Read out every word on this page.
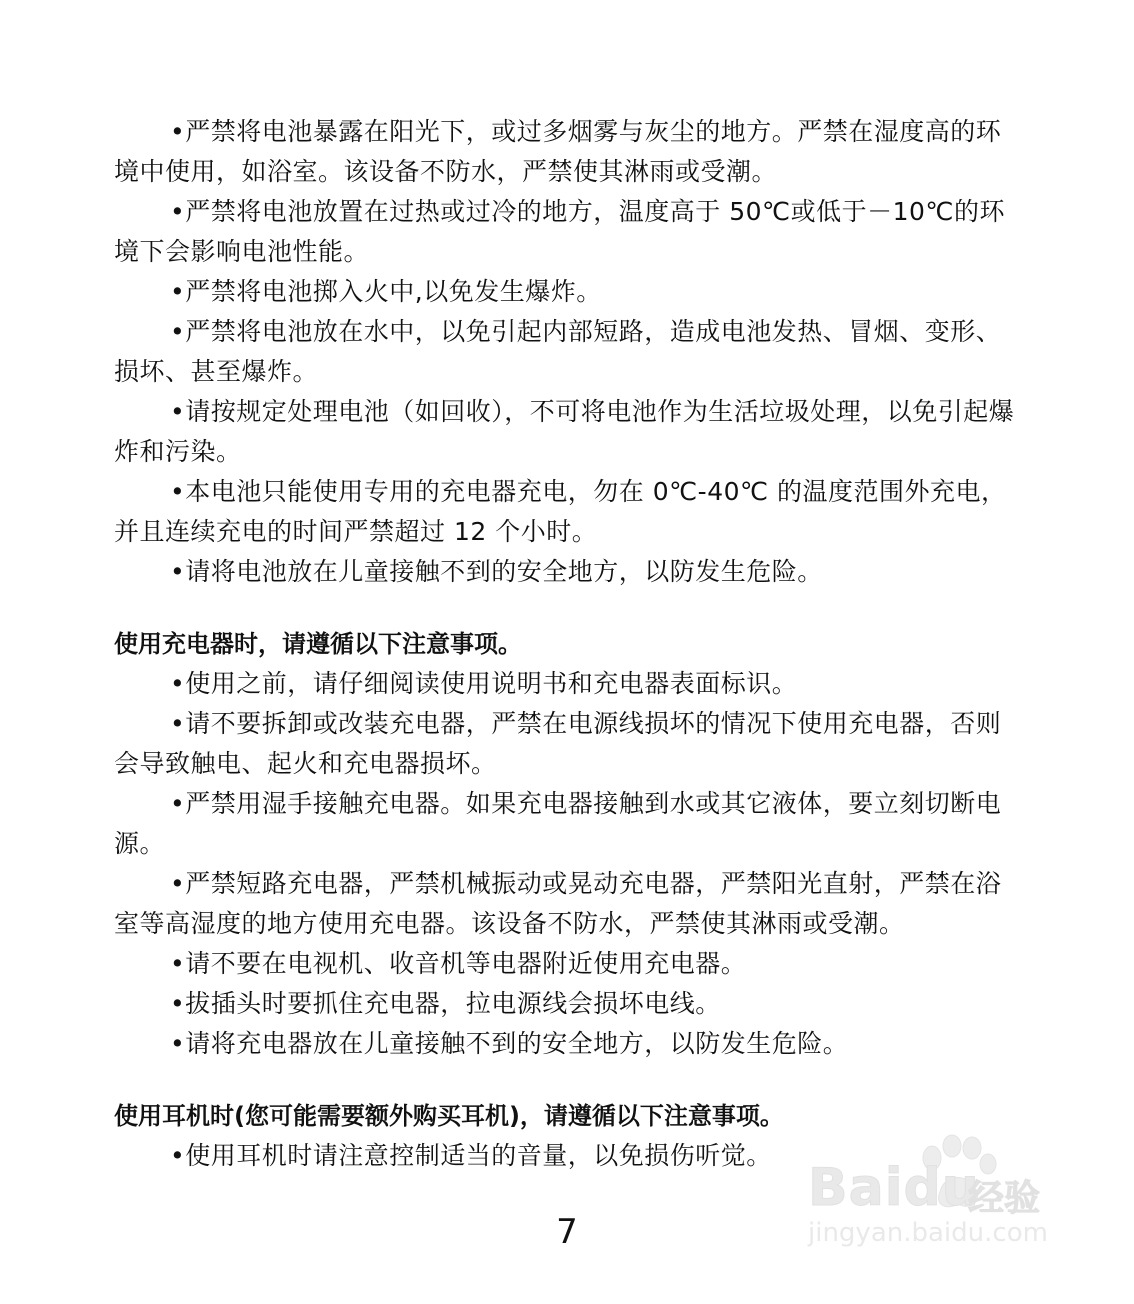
•严禁将电池暴露在阳光下，或过多烟雾与灰尘的地方。严禁在湿度高的环境中使用，如浴室。该设备不防水，严禁使其淋雨或受潮。

•严禁将电池放置在过热或过冷的地方，温度高于 50℃或低于－10℃的环境下会影响电池性能。

•严禁将电池掷入火中,以免发生爆炸。

•严禁将电池放在水中，以免引起内部短路，造成电池发热、冒烟、变形、损坏、甚至爆炸。

•请按规定处理电池（如回收），不可将电池作为生活垃圾处理，以免引起爆炸和污染。

•本电池只能使用专用的充电器充电，勿在 0℃-40℃ 的温度范围外充电，并且连续充电的时间严禁超过 12 个小时。

•请将电池放在儿童接触不到的安全地方，以防发生危险。

使用充电器时，请遵循以下注意事项。

•使用之前，请仔细阅读使用说明书和充电器表面标识。

•请不要拆卸或改装充电器，严禁在电源线损坏的情况下使用充电器，否则会导致触电、起火和充电器损坏。

•严禁用湿手接触充电器。如果充电器接触到水或其它液体，要立刻切断电源。

•严禁短路充电器，严禁机械振动或晃动充电器，严禁阳光直射，严禁在浴室等高湿度的地方使用充电器。该设备不防水，严禁使其淋雨或受潮。

•请不要在电视机、收音机等电器附近使用充电器。

•拔插头时要抓住充电器，拉电源线会损坏电线。

•请将充电器放在儿童接触不到的安全地方，以防发生危险。

使用耳机时(您可能需要额外购买耳机)，请遵循以下注意事项。

•使用耳机时请注意控制适当的音量，以免损伤听觉。

7
Baidu
经验
jingyan.baidu.com
